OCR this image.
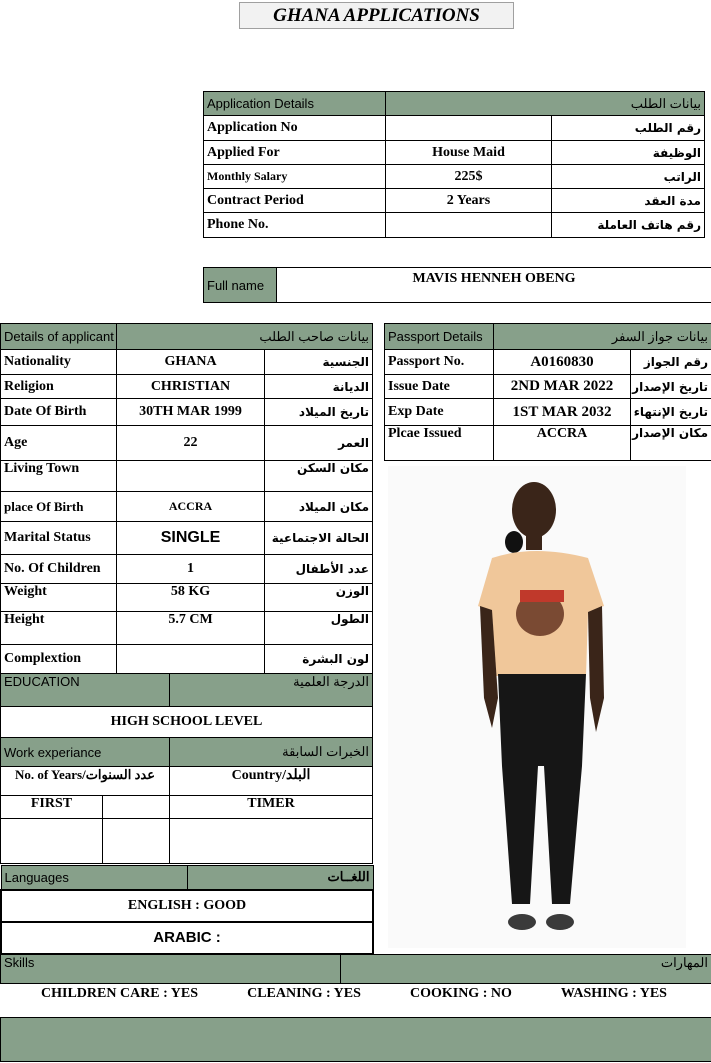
GHANA APPLICATIONS
Application Details	بيانات الطلب	
Application No		رقم الطلب
Applied For	House Maid	الوظيفة
Monthly Salary	225$	الراتب
Contract Period	2 Years	مدة العقد
Phone No.		رقم هاتف العاملة
Full name	MAVIS HENNEH OBENG
Details of applicant	بيانات صاحب الطلب	
Nationality	GHANA	الجنسية
Religion	CHRISTIAN	الديانة
Date Of Birth	30TH MAR 1999	تاريخ الميلاد
Age	22	العمر
Living Town		مكان السكن
place Of Birth	ACCRA	مكان الميلاد
Marital Status	SINGLE	الحالة الاجتماعية
No. Of Children	1	عدد الأطفال
Weight	58 KG	الوزن
Height	5.7 CM	الطول
Complextion		لون البشرة
Passport Details	بيانات جواز السفر	
Passport No.	A0160830	رقم الجواز
Issue Date	2ND MAR 2022	تاريخ الإصدار
Exp Date	1ST MAR 2032	تاريخ الإنتهاء
Plcae Issued	ACCRA	مكان الإصدار
EDUCATION	الدرجة العلمية
HIGH SCHOOL LEVEL
Work experiance		الخبرات السابقة
No. of Years/عدد السنوات		Country/البلد
FIRST		TIMER

Languages	اللغــات
ENGLISH : GOOD
ARABIC :
Skills	المهارات

CHILDREN CARE : YES	CLEANING : YES	COOKING : NO	WASHING : YES
